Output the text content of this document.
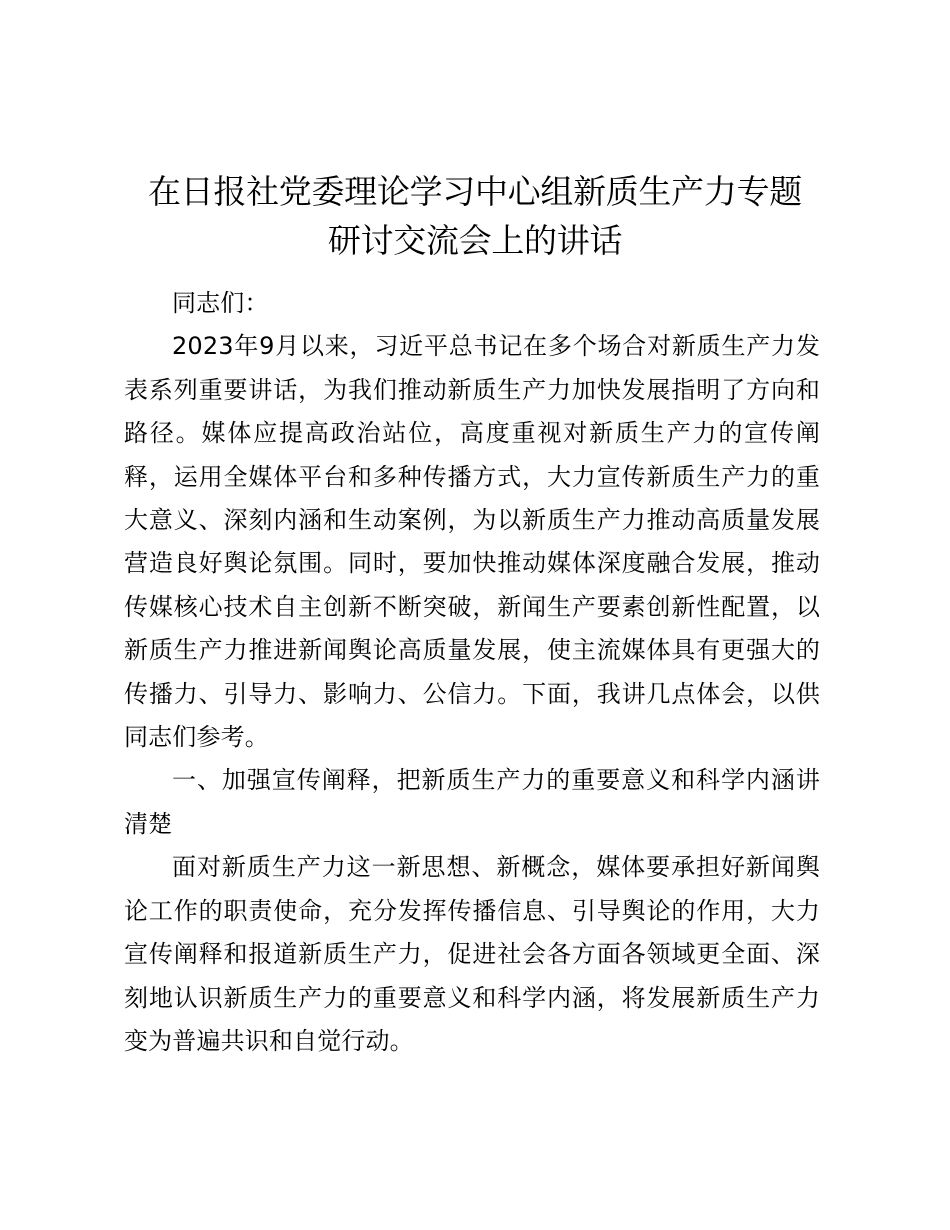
在日报社党委理论学习中心组新质生产力专题
研讨交流会上的讲话

同志们：

2023年9月以来，习近平总书记在多个场合对新质生产力发表系列重要讲话，为我们推动新质生产力加快发展指明了方向和路径。媒体应提高政治站位，高度重视对新质生产力的宣传阐释，运用全媒体平台和多种传播方式，大力宣传新质生产力的重大意义、深刻内涵和生动案例，为以新质生产力推动高质量发展营造良好舆论氛围。同时，要加快推动媒体深度融合发展，推动传媒核心技术自主创新不断突破，新闻生产要素创新性配置，以新质生产力推进新闻舆论高质量发展，使主流媒体具有更强大的传播力、引导力、影响力、公信力。下面，我讲几点体会，以供同志们参考。

一、加强宣传阐释，把新质生产力的重要意义和科学内涵讲清楚

面对新质生产力这一新思想、新概念，媒体要承担好新闻舆论工作的职责使命，充分发挥传播信息、引导舆论的作用，大力宣传阐释和报道新质生产力，促进社会各方面各领域更全面、深刻地认识新质生产力的重要意义和科学内涵，将发展新质生产力变为普遍共识和自觉行动。
